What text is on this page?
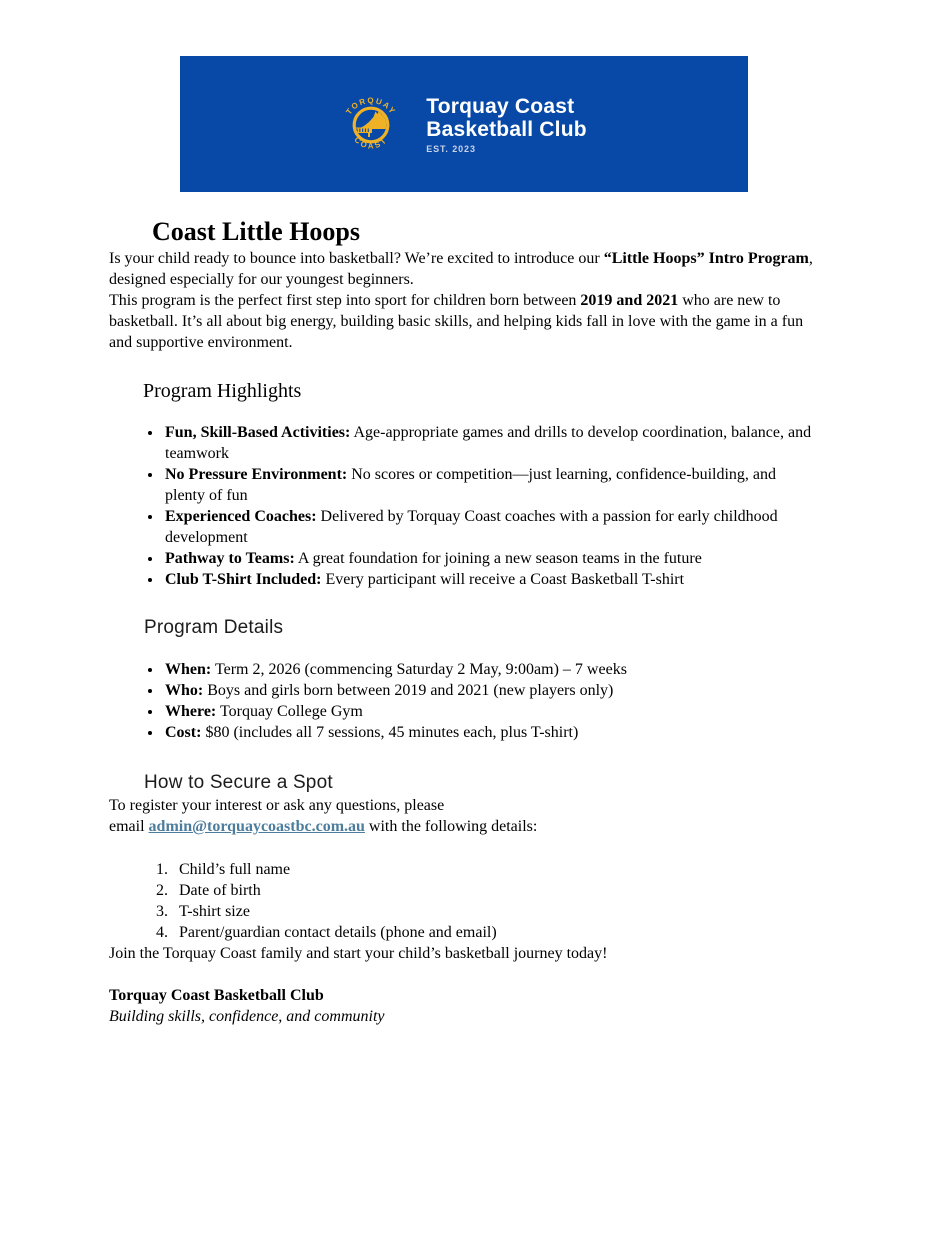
TORQUAY
COAST
Torquay Coast
Basketball Club
EST. 2023
Coast Little Hoops

Is your child ready to bounce into basketball? We’re excited to introduce our “Little Hoops” Intro Program, designed especially for our youngest beginners.

This program is the perfect first step into sport for children born between 2019 and 2021 who are new to basketball. It’s all about big energy, building basic skills, and helping kids fall in love with the game in a fun and supportive environment.

Program Highlights
• Fun, Skill-Based Activities: Age-appropriate games and drills to develop coordination, balance, and teamwork
• No Pressure Environment: No scores or competition—just learning, confidence-building, and plenty of fun
• Experienced Coaches: Delivered by Torquay Coast coaches with a passion for early childhood development
• Pathway to Teams: A great foundation for joining a new season teams in the future
• Club T-Shirt Included: Every participant will receive a Coast Basketball T-shirt
Program Details
• When: Term 2, 2026 (commencing Saturday 2 May, 9:00am) – 7 weeks
• Who: Boys and girls born between 2019 and 2021 (new players only)
• Where: Torquay College Gym
• Cost: $80 (includes all 7 sessions, 45 minutes each, plus T-shirt)
How to Secure a Spot

To register your interest or ask any questions, please
email admin@torquaycoastbc.com.au with the following details:

1. Child’s full name
2. Date of birth
3. T-shirt size
4. Parent/guardian contact details (phone and email)

Join the Torquay Coast family and start your child’s basketball journey today!

Torquay Coast Basketball Club

Building skills, confidence, and community
